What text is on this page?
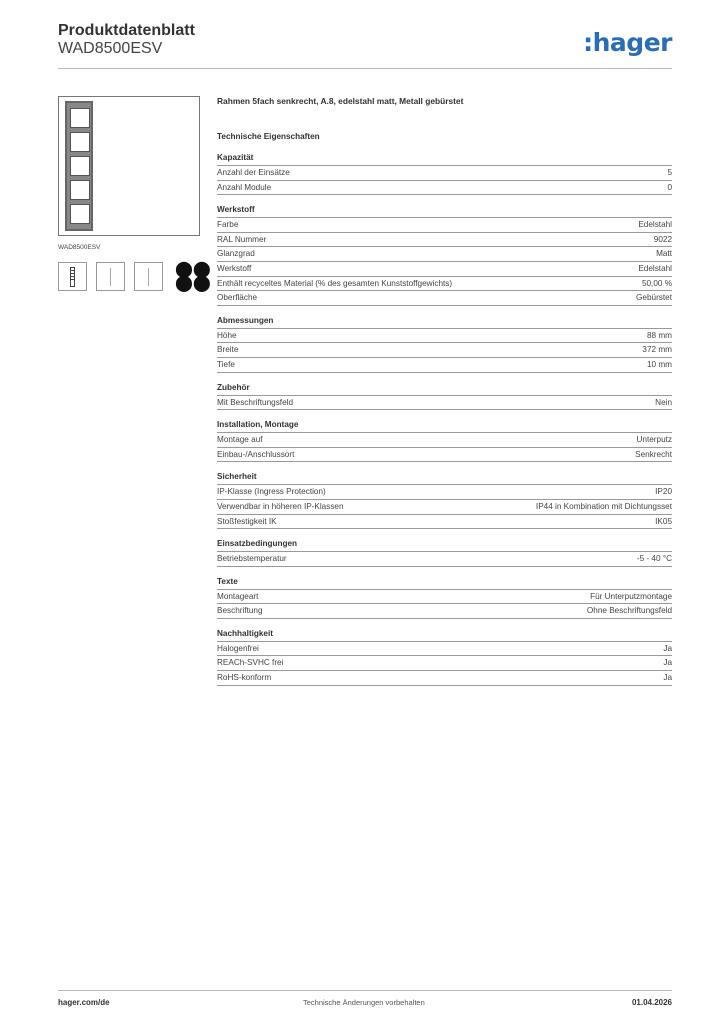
Produktdatenblatt
WAD8500ESV	:hager
WAD8500ESV
⬤⬤
⬤⬤
Rahmen 5fach senkrecht, A.8, edelstahl matt, Metall gebürstet
Technische Eigenschaften
Kapazität
Anzahl der Einsätze	5
Anzahl Module	0
Werkstoff
Farbe	Edelstahl
RAL Nummer	9022
Glanzgrad	Matt
Werkstoff	Edelstahl
Enthält recyceltes Material (% des gesamten Kunststoffgewichts)	50,00 %
Oberfläche	Gebürstet
Abmessungen
Höhe	88 mm
Breite	372 mm
Tiefe	10 mm
Zubehör
Mit Beschriftungsfeld	Nein
Installation, Montage
Montage auf	Unterputz
Einbau-/Anschlussort	Senkrecht
Sicherheit
IP-Klasse (Ingress Protection)	IP20
Verwendbar in höheren IP-Klassen	IP44 in Kombination mit Dichtungsset
Stoßfestigkeit IK	IK05
Einsatzbedingungen
Betriebstemperatur	-5 - 40 °C
Texte
Montageart	Für Unterputzmontage
Beschriftung	Ohne Beschriftungsfeld
Nachhaltigkeit
Halogenfrei	Ja
REACh-SVHC frei	Ja
RoHS-konform	Ja
hager.com/de	Technische Änderungen vorbehalten	01.04.2026
